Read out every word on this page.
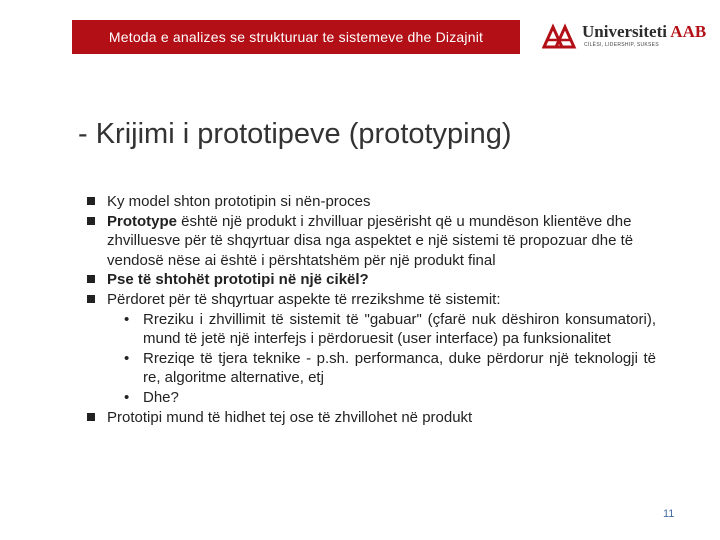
Metoda e analizes se strukturuar te sistemeve dhe Dizajnit	Universiteti AAB
CILËSI, LIDERSHIP, SUKSES
- Krijimi i prototipeve (prototyping)
Ky model shton prototipin si nën-proces
Prototype është një produkt i zhvilluar pjesërisht që u mundëson klientëve dhe zhvilluesve për të shqyrtuar disa nga aspektet e një sistemi të propozuar dhe të vendosë nëse ai është i përshtatshëm për një produkt final
Pse të shtohët prototipi në një cikël?
Përdoret për të shqyrtuar aspekte të rrezikshme të sistemit:
• Rreziku i zhvillimit të sistemit të "gabuar" (çfarë nuk dëshiron konsumatori), mund të jetë një interfejs i përdoruesit (user interface) pa funksionalitet
• Rreziqe të tjera teknike - p.sh. performanca, duke përdorur një teknologji të re, algoritme alternative, etj
• Dhe?
Prototipi mund të hidhet tej ose të zhvillohet në produkt
11
